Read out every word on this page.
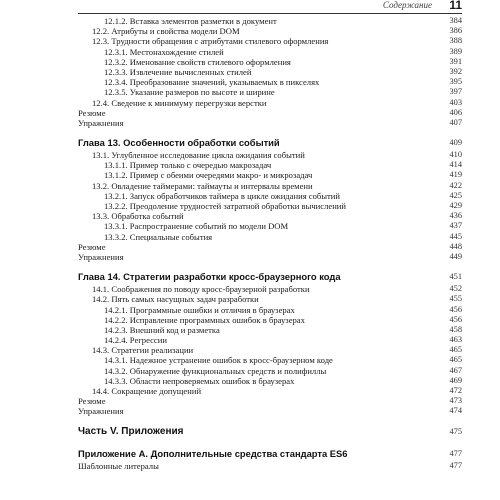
Содержание 11
12.1.2. Вставка элементов разметки в документ	384
12.2. Атрибуты и свойства модели DOM	386
12.3. Трудности обращения с атрибутами стилевого оформления	388
12.3.1. Местонахождение стилей	389
12.3.2. Именование свойств стилевого оформления	391
12.3.3. Извлечение вычисленных стилей	392
12.3.4. Преобразование значений, указываемых в пикселях	395
12.3.5. Указание размеров по высоте и ширине	397
12.4. Сведение к минимуму перегрузки верстки	403
Резюме	406
Упражнения	407
Глава 13. Особенности обработки событий	409
13.1. Углубленное исследование цикла ожидания событий	410
13.1.1. Пример только с очередью макрозадач	414
13.1.2. Пример с обеими очередями макро- и микрозадач	419
13.2. Овладение таймерами: таймауты и интервалы времени	422
13.2.1. Запуск обработчиков таймера в цикле ожидания событий	425
13.2.2. Преодоление трудностей затратной обработки вычислений	429
13.3. Обработка событий	436
13.3.1. Распространение событий по модели DOM	437
13.3.2. Специальные события	445
Резюме	448
Упражнения	449
Глава 14. Стратегии разработки кросс-браузерного кода	451
14.1. Соображения по поводу кросс-браузерной разработки	452
14.2. Пять самых насущных задач разработки	455
14.2.1. Программные ошибки и отличия в браузерах	456
14.2.2. Исправление программных ошибок в браузерах	456
14.2.3. Внешний код и разметка	458
14.2.4. Регрессии	463
14.3. Стратегии реализации	465
14.3.1. Надежное устранение ошибок в кросс-браузерном коде	465
14.3.2. Обнаружение функциональных средств и полифиллы	467
14.3.3. Области непроверяемых ошибок в браузерах	469
14.4. Сокращение допущений	472
Резюме	473
Упражнения	474
Часть V. Приложения	475
Приложение А. Дополнительные средства стандарта ES6	477
Шаблонные литералы	477
